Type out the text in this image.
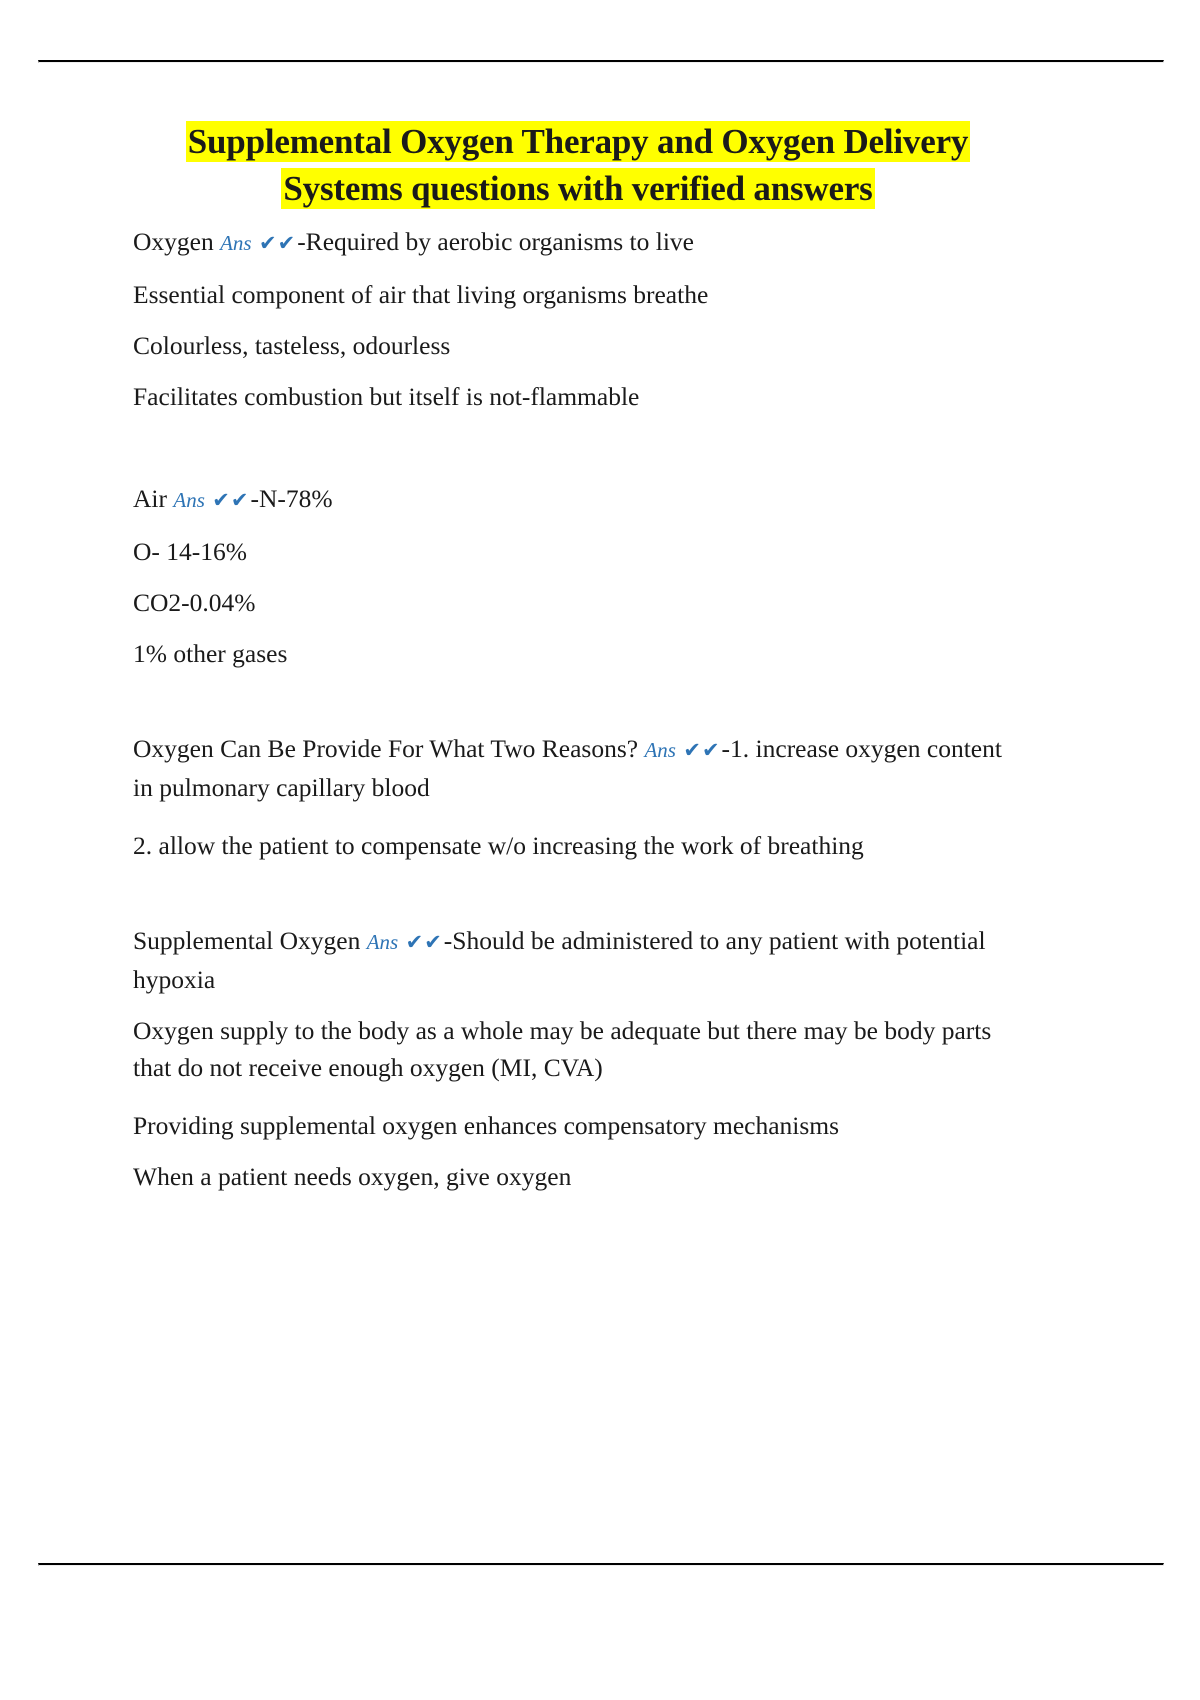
Supplemental Oxygen Therapy and Oxygen Delivery
Systems questions with verified answers

Oxygen Ans ✔✔-Required by aerobic organisms to live

Essential component of air that living organisms breathe

Colourless, tasteless, odourless

Facilitates combustion but itself is not-flammable

Air Ans ✔✔-N-78%

O- 14-16%

CO2-0.04%

1% other gases

Oxygen Can Be Provide For What Two Reasons? Ans ✔✔-1. increase oxygen content in pulmonary capillary blood

2. allow the patient to compensate w/o increasing the work of breathing

Supplemental Oxygen Ans ✔✔-Should be administered to any patient with potential hypoxia

Oxygen supply to the body as a whole may be adequate but there may be body parts that do not receive enough oxygen (MI, CVA)

Providing supplemental oxygen enhances compensatory mechanisms

When a patient needs oxygen, give oxygen
